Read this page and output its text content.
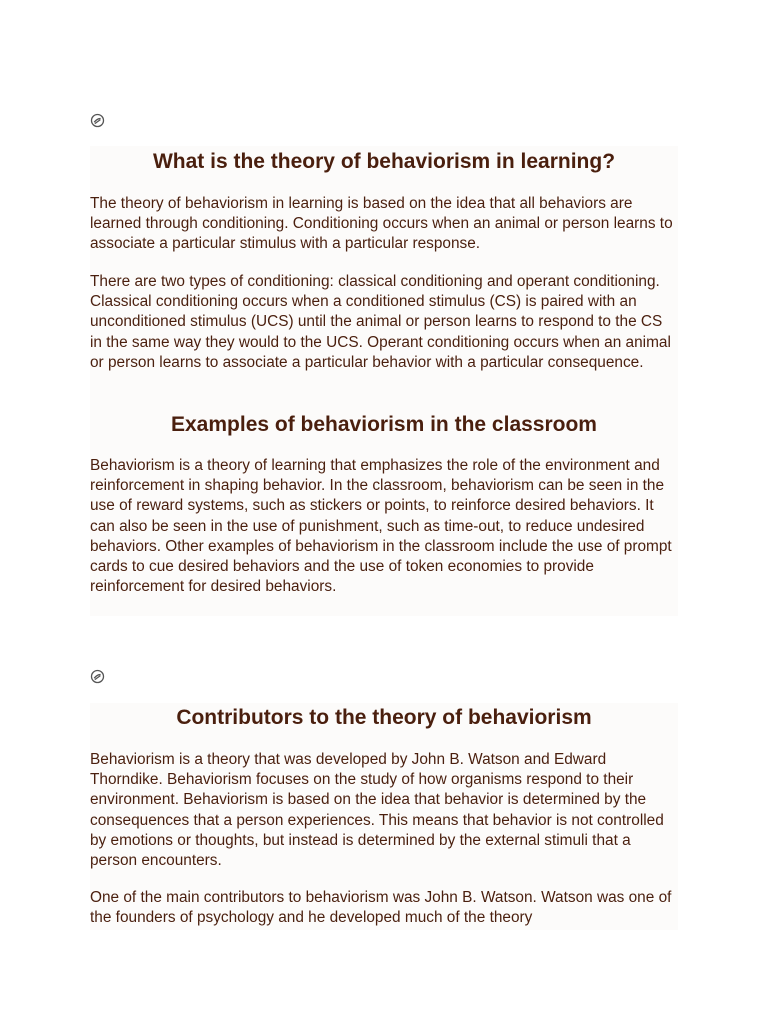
What is the theory of behaviorism in learning?

The theory of behaviorism in learning is based on the idea that all behaviors are learned through conditioning. Conditioning occurs when an animal or person learns to associate a particular stimulus with a particular response.

There are two types of conditioning: classical conditioning and operant conditioning. Classical conditioning occurs when a conditioned stimulus (CS) is paired with an unconditioned stimulus (UCS) until the animal or person learns to respond to the CS in the same way they would to the UCS. Operant conditioning occurs when an animal or person learns to associate a particular behavior with a particular consequence.

Examples of behaviorism in the classroom

Behaviorism is a theory of learning that emphasizes the role of the environment and reinforcement in shaping behavior. In the classroom, behaviorism can be seen in the use of reward systems, such as stickers or points, to reinforce desired behaviors. It can also be seen in the use of punishment, such as time-out, to reduce undesired behaviors. Other examples of behaviorism in the classroom include the use of prompt cards to cue desired behaviors and the use of token economies to provide reinforcement for desired behaviors.

Contributors to the theory of behaviorism

Behaviorism is a theory that was developed by John B. Watson and Edward Thorndike. Behaviorism focuses on the study of how organisms respond to their environment. Behaviorism is based on the idea that behavior is determined by the consequences that a person experiences. This means that behavior is not controlled by emotions or thoughts, but instead is determined by the external stimuli that a person encounters.

One of the main contributors to behaviorism was John B. Watson. Watson was one of the founders of psychology and he developed much of the theory
